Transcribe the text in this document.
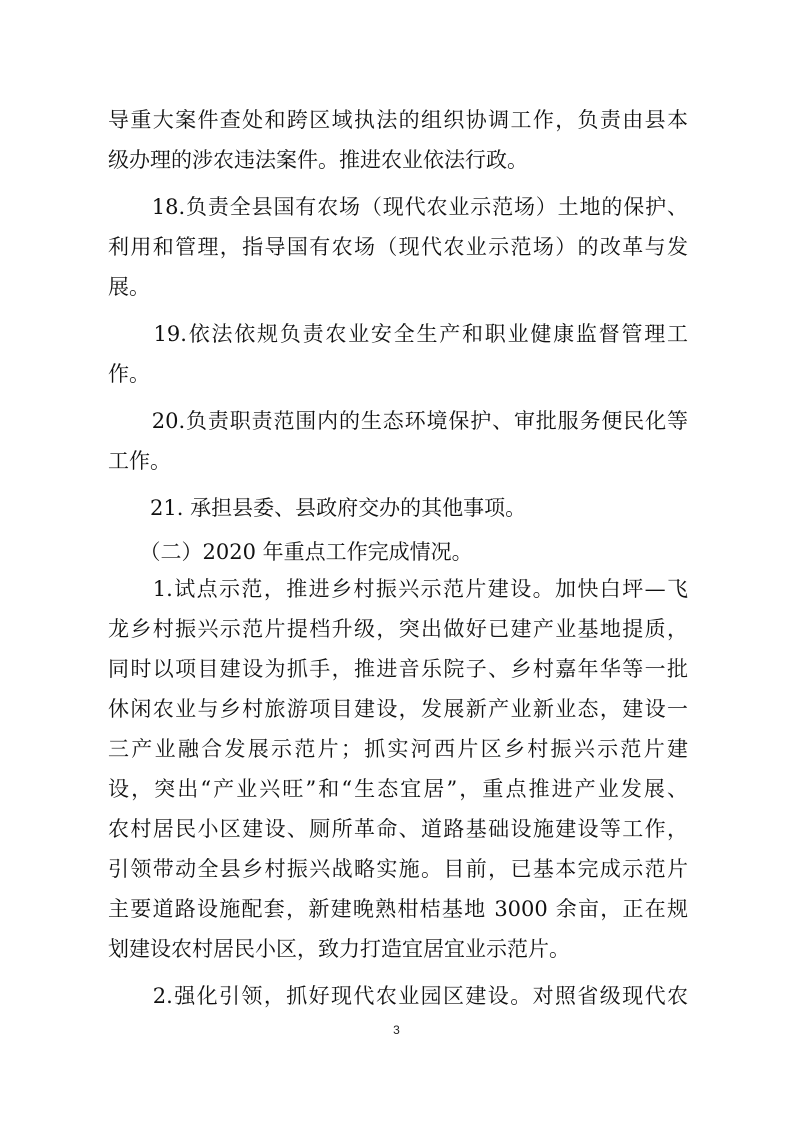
导重大案件查处和跨区域执法的组织协调工作，负责由县本
级办理的涉农违法案件。推进农业依法行政。
　　18.负责全县国有农场（现代农业示范场）土地的保护、
利用和管理，指导国有农场（现代农业示范场）的改革与发
展。
　　19.依法依规负责农业安全生产和职业健康监督管理工
作。
　　20.负责职责范围内的生态环境保护、审批服务便民化等
工作。
　　21. 承担县委、县政府交办的其他事项。
　　（二）2020 年重点工作完成情况。
　　1.试点示范，推进乡村振兴示范片建设。加快白坪—飞
龙乡村振兴示范片提档升级，突出做好已建产业基地提质，
同时以项目建设为抓手，推进音乐院子、乡村嘉年华等一批
休闲农业与乡村旅游项目建设，发展新产业新业态，建设一
三产业融合发展示范片；抓实河西片区乡村振兴示范片建
设，突出“产业兴旺”和“生态宜居”，重点推进产业发展、
农村居民小区建设、厕所革命、道路基础设施建设等工作，
引领带动全县乡村振兴战略实施。目前，已基本完成示范片
主要道路设施配套，新建晚熟柑桔基地 3000 余亩，正在规
划建设农村居民小区，致力打造宜居宜业示范片。
　　2.强化引领，抓好现代农业园区建设。对照省级现代农
3
